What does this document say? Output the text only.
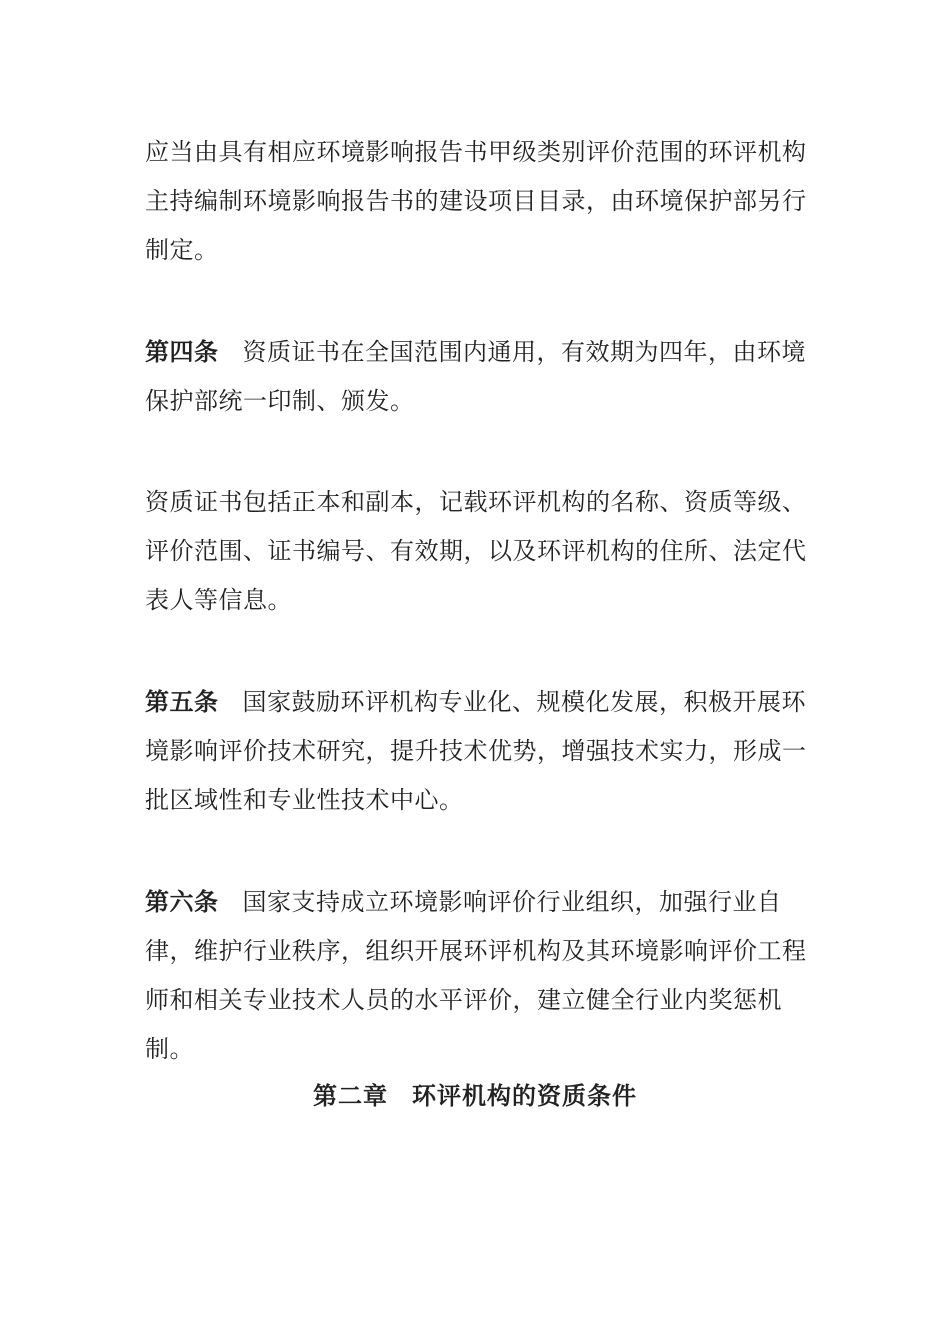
应当由具有相应环境影响报告书甲级类别评价范围的环评机构主持编制环境影响报告书的建设项目目录，由环境保护部另行制定。

第四条 资质证书在全国范围内通用，有效期为四年，由环境保护部统一印制、颁发。

资质证书包括正本和副本，记载环评机构的名称、资质等级、评价范围、证书编号、有效期，以及环评机构的住所、法定代表人等信息。

第五条 国家鼓励环评机构专业化、规模化发展，积极开展环境影响评价技术研究，提升技术优势，增强技术实力，形成一批区域性和专业性技术中心。

第六条 国家支持成立环境影响评价行业组织，加强行业自律，维护行业秩序，组织开展环评机构及其环境影响评价工程师和相关专业技术人员的水平评价，建立健全行业内奖惩机制。

第二章 环评机构的资质条件
